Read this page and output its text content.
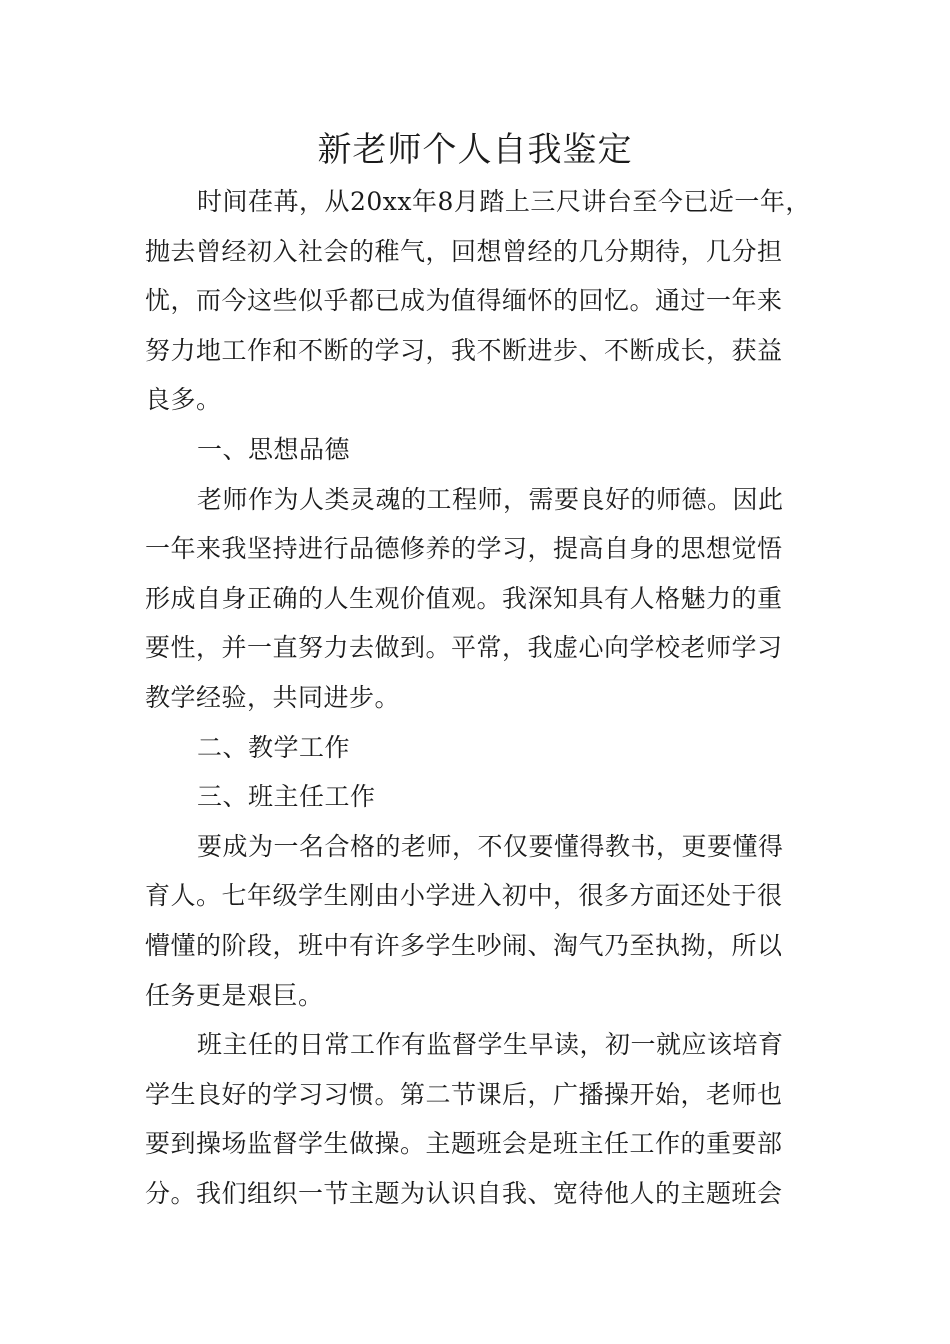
新老师个人自我鉴定
时间荏苒，从20xx年8月踏上三尺讲台至今已近一年，
抛去曾经初入社会的稚气，回想曾经的几分期待，几分担
忧，而今这些似乎都已成为值得缅怀的回忆。通过一年来
努力地工作和不断的学习，我不断进步、不断成长，获益
良多。

一、思想品德

老师作为人类灵魂的工程师，需要良好的师德。因此
一年来我坚持进行品德修养的学习，提高自身的思想觉悟
形成自身正确的人生观价值观。我深知具有人格魅力的重
要性，并一直努力去做到。平常，我虚心向学校老师学习
教学经验，共同进步。

二、教学工作

三、班主任工作

要成为一名合格的老师，不仅要懂得教书，更要懂得
育人。七年级学生刚由小学进入初中，很多方面还处于很
懵懂的阶段，班中有许多学生吵闹、淘气乃至执拗，所以
任务更是艰巨。
班主任的日常工作有监督学生早读，初一就应该培育
学生良好的学习习惯。第二节课后，广播操开始，老师也
要到操场监督学生做操。主题班会是班主任工作的重要部
分。我们组织一节主题为认识自我、宽待他人的主题班会
